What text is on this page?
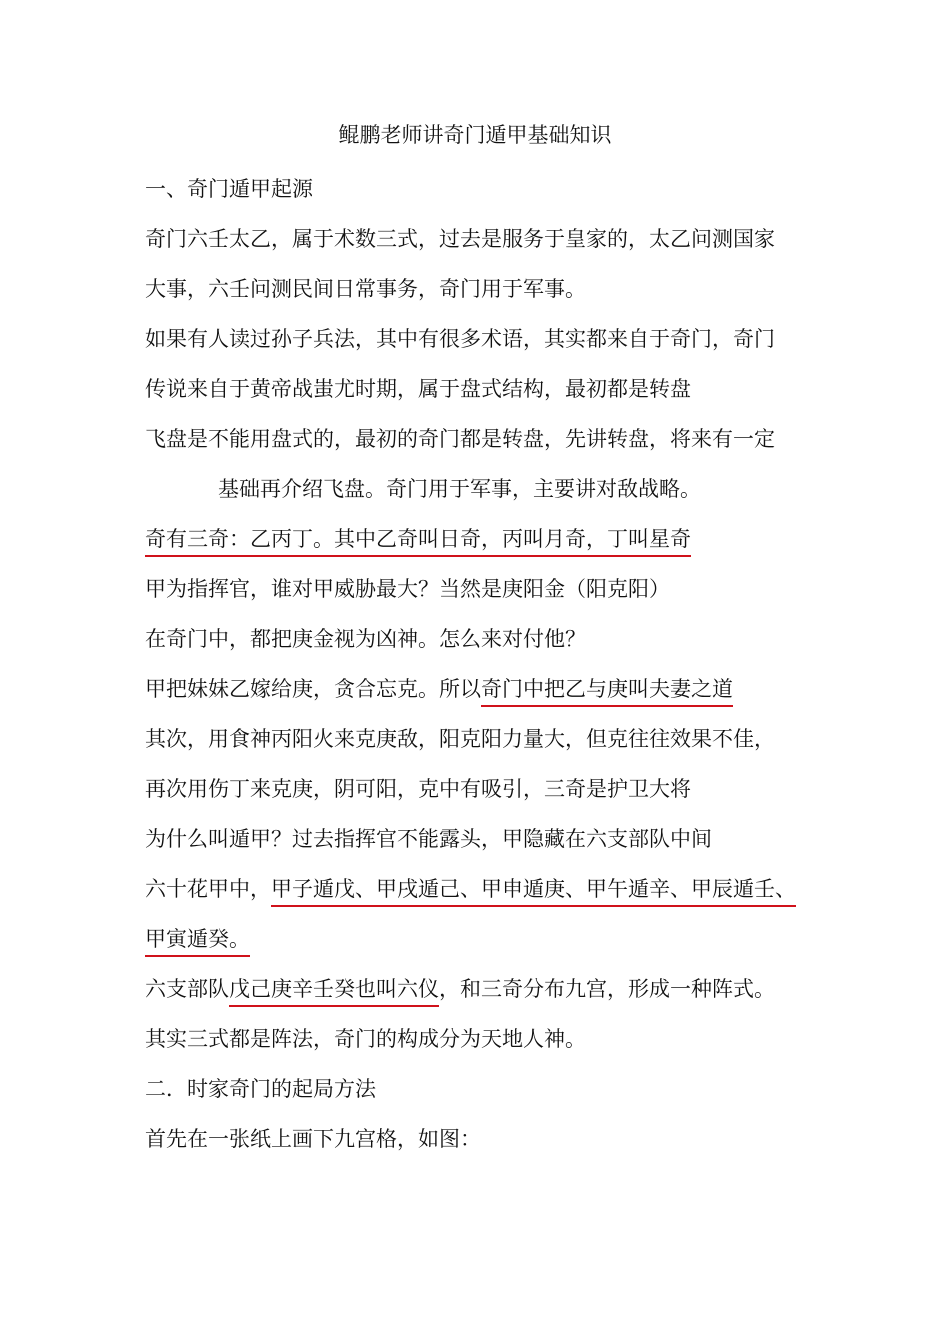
鲲鹏老师讲奇门遁甲基础知识
一、奇门遁甲起源
奇门六壬太乙，属于术数三式，过去是服务于皇家的，太乙问测国家
大事，六壬问测民间日常事务，奇门用于军事。
如果有人读过孙子兵法，其中有很多术语，其实都来自于奇门，奇门
传说来自于黄帝战蚩尤时期，属于盘式结构，最初都是转盘
飞盘是不能用盘式的，最初的奇门都是转盘，先讲转盘，将来有一定
基础再介绍飞盘。奇门用于军事，主要讲对敌战略。
奇有三奇：乙丙丁。其中乙奇叫日奇，丙叫月奇，丁叫星奇
甲为指挥官，谁对甲威胁最大？当然是庚阳金（阳克阳）
在奇门中，都把庚金视为凶神。怎么来对付他？
甲把妹妹乙嫁给庚，贪合忘克。所以奇门中把乙与庚叫夫妻之道
其次，用食神丙阳火来克庚敌，阳克阳力量大，但克往往效果不佳，
再次用伤丁来克庚，阴可阳，克中有吸引，三奇是护卫大将
为什么叫遁甲？过去指挥官不能露头，甲隐藏在六支部队中间
六十花甲中，甲子遁戊、甲戌遁己、甲申遁庚、甲午遁辛、甲辰遁壬、
甲寅遁癸。
六支部队戊己庚辛壬癸也叫六仪，和三奇分布九宫，形成一种阵式。
其实三式都是阵法，奇门的构成分为天地人神。
二．时家奇门的起局方法
首先在一张纸上画下九宫格，如图：
